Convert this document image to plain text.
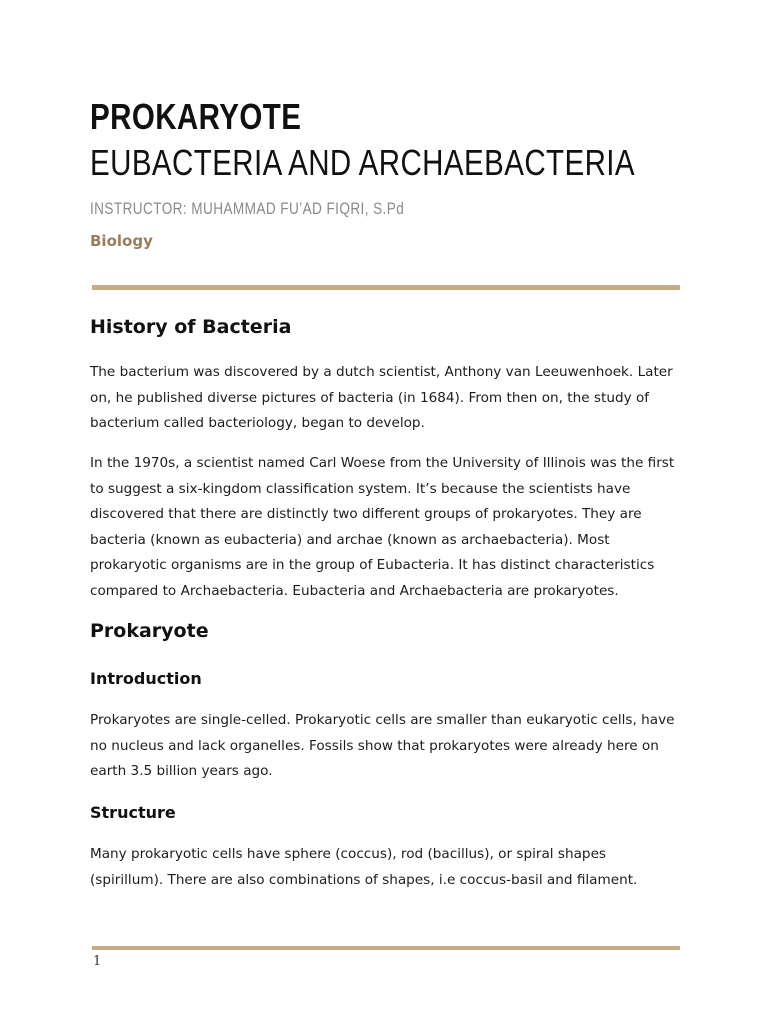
PROKARYOTE
EUBACTERIA AND ARCHAEBACTERIA
INSTRUCTOR: MUHAMMAD FU’AD FIQRI, S.Pd
Biology
History of Bacteria

The bacterium was discovered by a dutch scientist, Anthony van Leeuwenhoek. Later on, he published diverse pictures of bacteria (in 1684). From then on, the study of bacterium called bacteriology, began to develop.

In the 1970s, a scientist named Carl Woese from the University of Illinois was the first to suggest a six-kingdom classification system. It’s because the scientists have discovered that there are distinctly two different groups of prokaryotes. They are bacteria (known as eubacteria) and archae (known as archaebacteria). Most prokaryotic organisms are in the group of Eubacteria. It has distinct characteristics compared to Archaebacteria. Eubacteria and Archaebacteria are prokaryotes.

Prokaryote
Introduction

Prokaryotes are single-celled. Prokaryotic cells are smaller than eukaryotic cells, have no nucleus and lack organelles. Fossils show that prokaryotes were already here on earth 3.5 billion years ago.

Structure

Many prokaryotic cells have sphere (coccus), rod (bacillus), or spiral shapes (spirillum). There are also combinations of shapes, i.e coccus-basil and filament.

1
